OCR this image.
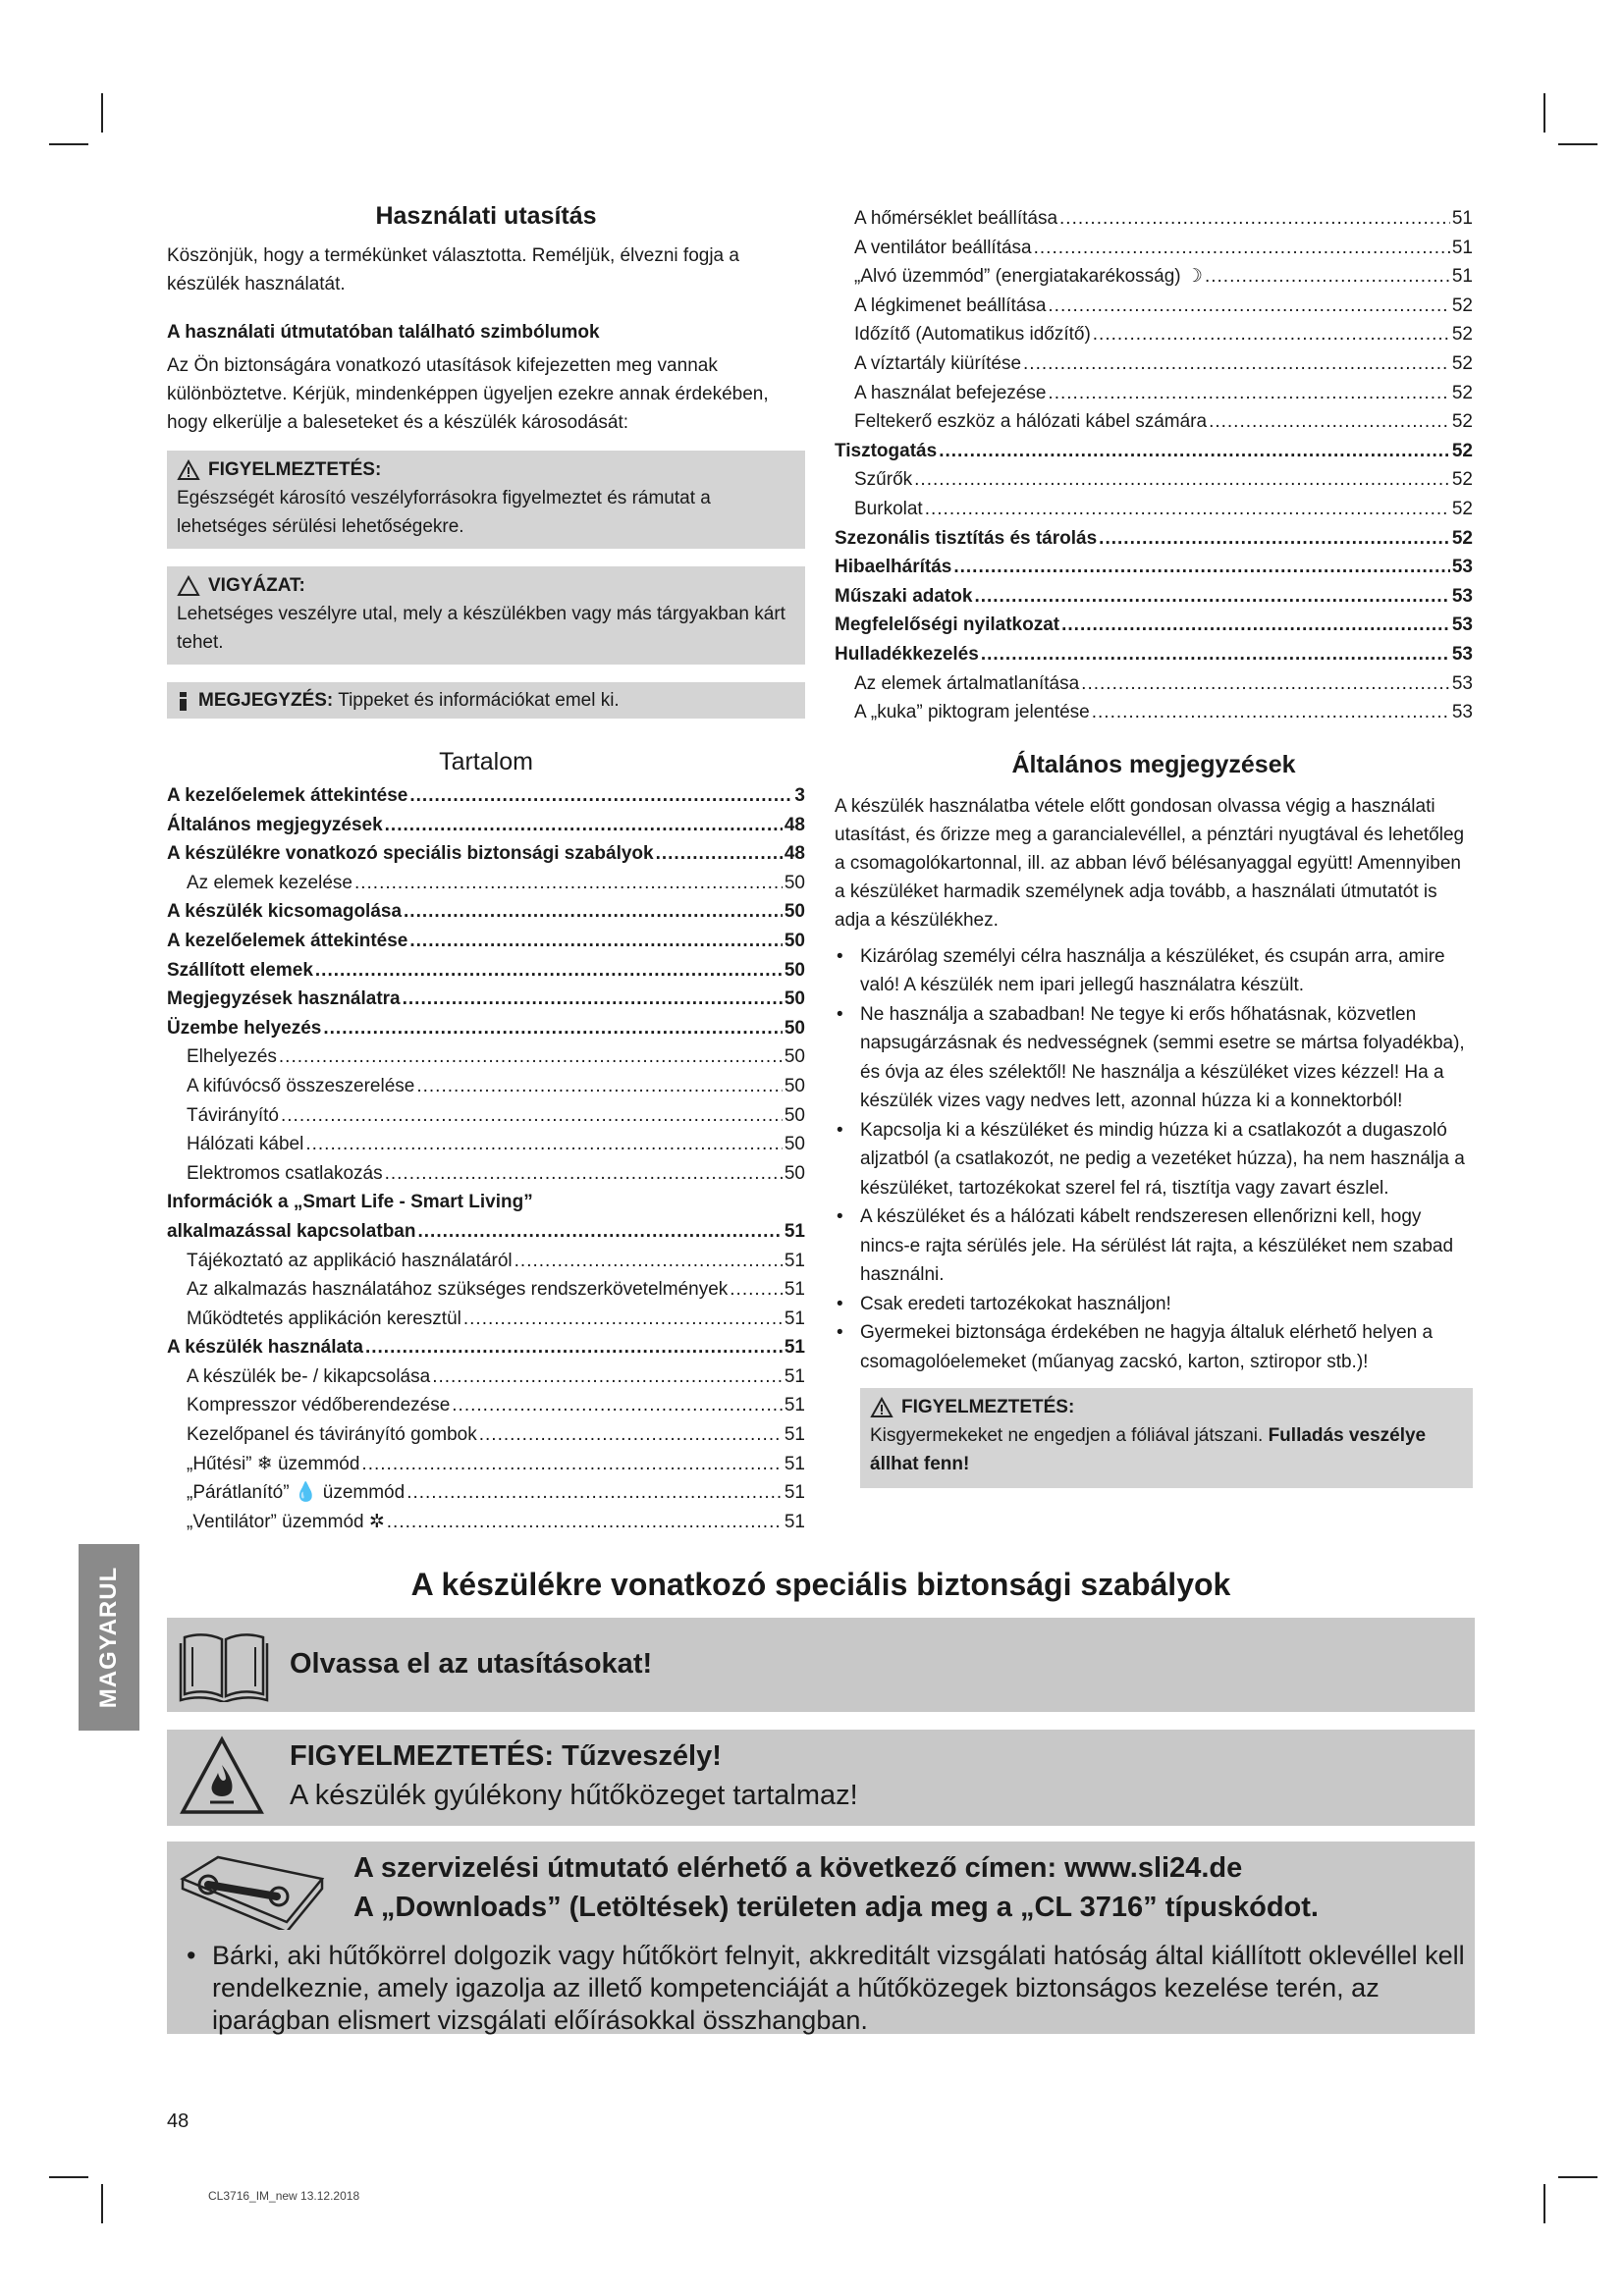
Használati utasítás

Köszönjük, hogy a termékünket választotta. Reméljük, élvezni fogja a készülék használatát.

A használati útmutatóban található szimbólumok

Az Ön biztonságára vonatkozó utasítások kifejezetten meg vannak különböztetve. Kérjük, mindenképpen ügyeljen ezekre annak érdekében, hogy elkerülje a baleseteket és a készülék károsodását:

FIGYELMEZTETÉS:

Egészségét károsító veszélyforrásokra figyelmeztet és rámutat a lehetséges sérülési lehetőségekre.

VIGYÁZAT:

Lehetséges veszélyre utal, mely a készülékben vagy más tárgyakban kárt tehet.

MEGJEGYZÉS: Tippeket és információkat emel ki.
Tartalom
A kezelőelemek áttekintése .....	3
Általános megjegyzések .....	48
A készülékre vonatkozó speciális biztonsági szabályok .....	48
Az elemek kezelése .....	50
A készülék kicsomagolása .....	50
A kezelőelemek áttekintése .....	50
Szállított elemek .....	50
Megjegyzések használatra .....	50
Üzembe helyezés .....	50
Elhelyezés .....	50
A kifúvócső összeszerelése .....	50
Távirányító .....	50
Hálózati kábel .....	50
Elektromos csatlakozás .....	50
Információk a „Smart Life - Smart Living”
alkalmazással kapcsolatban .....	51
Tájékoztató az applikáció használatáról .....	51
Az alkalmazás használatához szükséges rendszerkövetelmények .....	51
Működtetés applikáción keresztül .....	51
A készülék használata .....	51
A készülék be- / kikapcsolása .....	51
Kompresszor védőberendezése .....	51
Kezelőpanel és távirányító gombok .....	51
„Hűtési” ❄ üzemmód .....	51
„Párátlanító” 💧 üzemmód .....	51
„Ventilátor” üzemmód ✲ .....	51
A hőmérséklet beállítása .....	51
A ventilátor beállítása .....	51
„Alvó üzemmód” (energiatakarékosság) ☽ .....	51
A légkimenet beállítása .....	52
Időzítő (Automatikus időzítő) .....	52
A víztartály kiürítése .....	52
A használat befejezése .....	52
Feltekerő eszköz a hálózati kábel számára .....	52
Tisztogatás .....	52
Szűrők .....	52
Burkolat .....	52
Szezonális tisztítás és tárolás .....	52
Hibaelhárítás .....	53
Műszaki adatok .....	53
Megfelelőségi nyilatkozat .....	53
Hulladékkezelés .....	53
Az elemek ártalmatlanítása .....	53
A „kuka” piktogram jelentése .....	53
Általános megjegyzések

A készülék használatba vétele előtt gondosan olvassa végig a használati utasítást, és őrizze meg a garancialevéllel, a pénztári nyugtával és lehetőleg a csomagolókartonnal, ill. az abban lévő bélésanyaggal együtt! Amennyiben a készüléket harmadik személynek adja tovább, a használati útmutatót is adja a készülékhez.

• Kizárólag személyi célra használja a készüléket, és csupán arra, amire való! A készülék nem ipari jellegű használatra készült.
• Ne használja a szabadban! Ne tegye ki erős hőhatásnak, közvetlen napsugárzásnak és nedvességnek (semmi esetre se mártsa folyadékba), és óvja az éles szélektől! Ne használja a készüléket vizes kézzel! Ha a készülék vizes vagy nedves lett, azonnal húzza ki a konnektorból!
• Kapcsolja ki a készüléket és mindig húzza ki a csatlakozót a dugaszoló aljzatból (a csatlakozót, ne pedig a vezetéket húzza), ha nem használja a készüléket, tartozékokat szerel fel rá, tisztítja vagy zavart észlel.
• A készüléket és a hálózati kábelt rendszeresen ellenőrizni kell, hogy nincs-e rajta sérülés jele. Ha sérülést lát rajta, a készüléket nem szabad használni.
• Csak eredeti tartozékokat használjon!
• Gyermekei biztonsága érdekében ne hagyja általuk elérhető helyen a csomagolóelemeket (műanyag zacskó, karton, sztiropor stb.)!
FIGYELMEZTETÉS:

Kisgyermekeket ne engedjen a fóliával játszani. Fulladás veszélye állhat fenn!

MAGYARUL	A készülékre vonatkozó speciális biztonsági szabályok
Olvassa el az utasításokat!
FIGYELMEZTETÉS: Tűzveszély!
A készülék gyúlékony hűtőközeget tartalmaz!
A szervizelési útmutató elérhető a következő címen: www.sli24.de
A „Downloads” (Letöltések) területen adja meg a „CL 3716” típuskódot.
• Bárki, aki hűtőkörrel dolgozik vagy hűtőkört felnyit, akkreditált vizsgálati hatóság által kiállított oklevéllel kell rendelkeznie, amely igazolja az illető kompetenciáját a hűtőközegek biztonságos kezelése terén, az iparágban elismert vizsgálati előírásokkal összhangban.
48
CL3716_IM_new 13.12.2018
